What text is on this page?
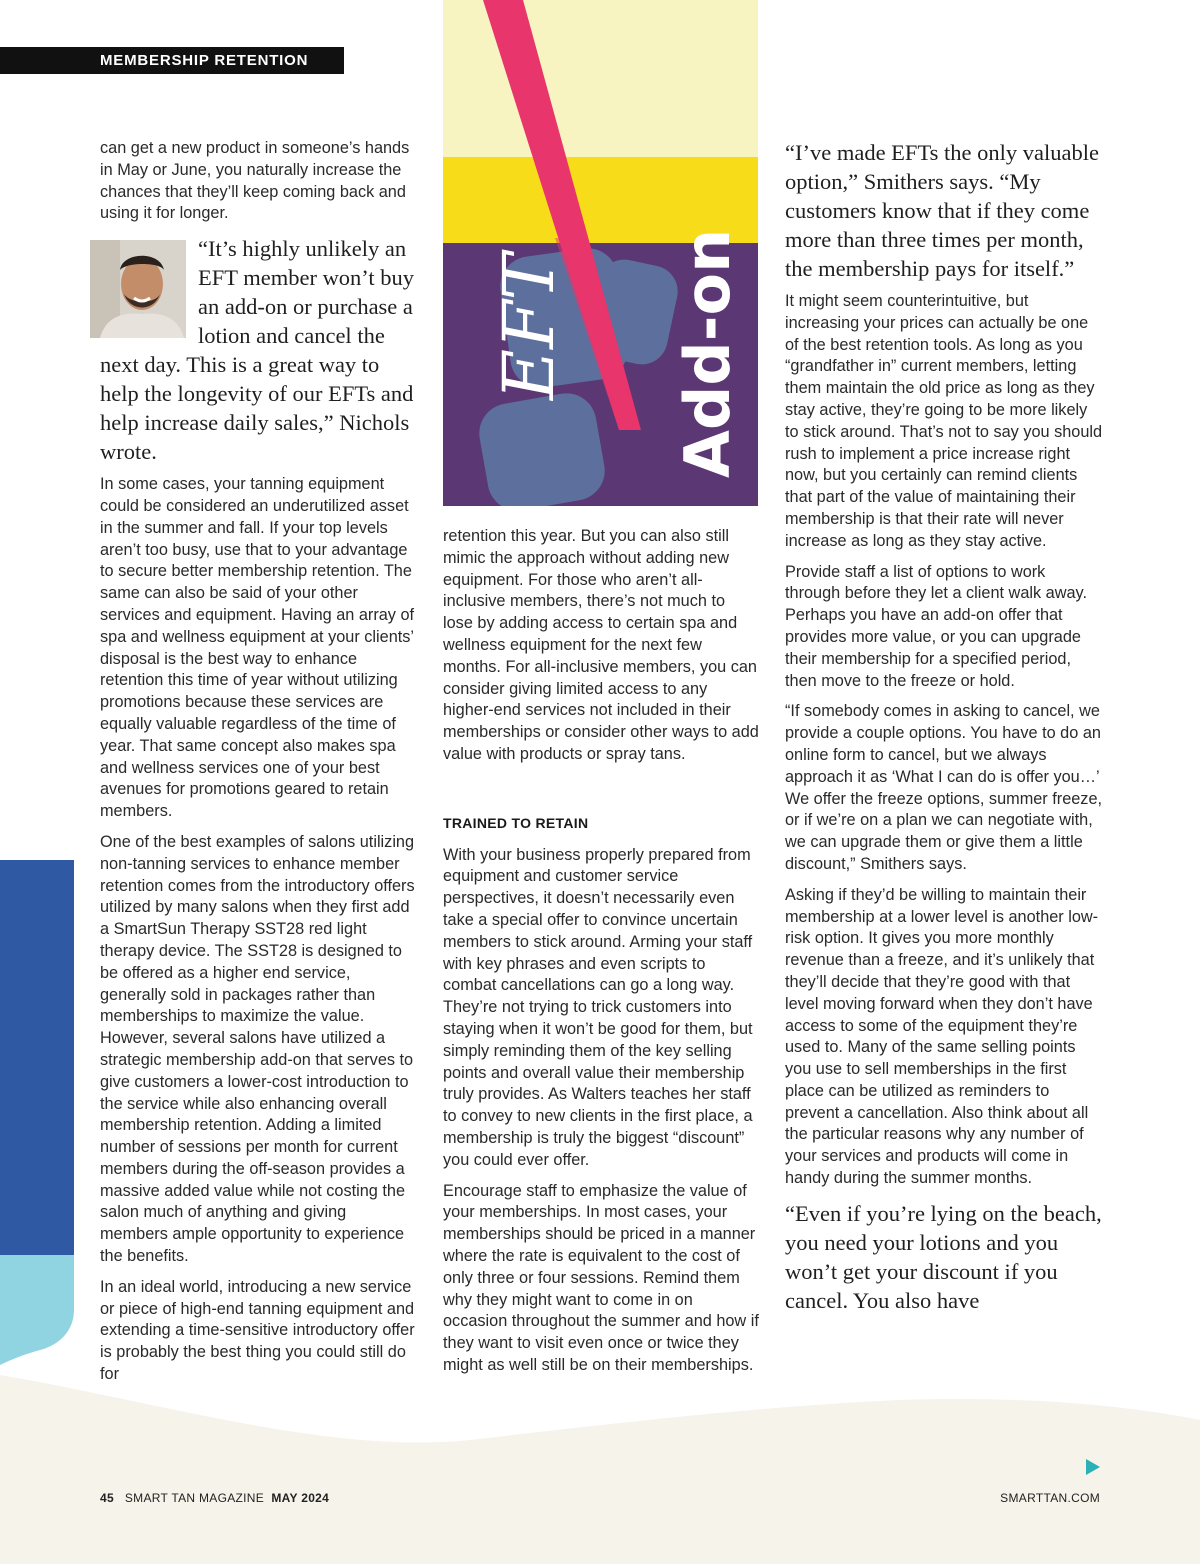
MEMBERSHIP RETENTION
EFT Add-on

can get a new product in someone’s hands in May or June, you naturally increase the chances that they’ll keep coming back and using it for longer.

“It’s highly unlikely an EFT member won’t buy an add-on or purchase a lotion and cancel the next day. This is a great way to help the longevity of our EFTs and help increase daily sales,” Nichols wrote.

In some cases, your tanning equipment could be considered an underutilized asset in the summer and fall. If your top levels aren’t too busy, use that to your advantage to secure better membership retention. The same can also be said of your other services and equipment. Having an array of spa and wellness equipment at your clients’ disposal is the best way to enhance retention this time of year without utilizing promotions because these services are equally valuable regardless of the time of year. That same concept also makes spa and wellness services one of your best avenues for promotions geared to retain members.

One of the best examples of salons utilizing non-tanning services to enhance member retention comes from the introductory offers utilized by many salons when they first add a SmartSun Therapy SST28 red light therapy device. The SST28 is designed to be offered as a higher end service, generally sold in packages rather than memberships to maximize the value. However, several salons have utilized a strategic membership add-on that serves to give customers a lower-cost introduction to the service while also enhancing overall membership retention. Adding a limited number of sessions per month for current members during the off-season provides a massive added value while not costing the salon much of anything and giving members ample opportunity to experience the benefits.

In an ideal world, introducing a new service or piece of high-end tanning equipment and extending a time-sensitive introductory offer is probably the best thing you could still do for

retention this year. But you can also still mimic the approach without adding new equipment. For those who aren’t all-inclusive members, there’s not much to lose by adding access to certain spa and wellness equipment for the next few months. For all-inclusive members, you can consider giving limited access to any higher-end services not included in their memberships or consider other ways to add value with products or spray tans.

TRAINED TO RETAIN

With your business properly prepared from equipment and customer service perspectives, it doesn’t necessarily even take a special offer to convince uncertain members to stick around. Arming your staff with key phrases and even scripts to combat cancellations can go a long way. They’re not trying to trick customers into staying when it won’t be good for them, but simply reminding them of the key selling points and overall value their membership truly provides. As Walters teaches her staff to convey to new clients in the first place, a membership is truly the biggest “discount” you could ever offer.

Encourage staff to emphasize the value of your memberships. In most cases, your memberships should be priced in a manner where the rate is equivalent to the cost of only three or four sessions. Remind them why they might want to come in on occasion throughout the summer and how if they want to visit even once or twice they might as well still be on their memberships.

“I’ve made EFTs the only valuable option,” Smithers says. “My customers know that if they come more than three times per month, the membership pays for itself.”

It might seem counterintuitive, but increasing your prices can actually be one of the best retention tools. As long as you “grandfather in” current members, letting them maintain the old price as long as they stay active, they’re going to be more likely to stick around. That’s not to say you should rush to implement a price increase right now, but you certainly can remind clients that part of the value of maintaining their membership is that their rate will never increase as long as they stay active.

Provide staff a list of options to work through before they let a client walk away. Perhaps you have an add-on offer that provides more value, or you can upgrade their membership for a specified period, then move to the freeze or hold.

“If somebody comes in asking to cancel, we provide a couple options. You have to do an online form to cancel, but we always approach it as ‘What I can do is offer you…’ We offer the freeze options, summer freeze, or if we’re on a plan we can negotiate with, we can upgrade them or give them a little discount,” Smithers says.

Asking if they’d be willing to maintain their membership at a lower level is another low-risk option. It gives you more monthly revenue than a freeze, and it’s unlikely that they’ll decide that they’re good with that level moving forward when they don’t have access to some of the equipment they’re used to. Many of the same selling points you use to sell memberships in the first place can be utilized as reminders to prevent a cancellation. Also think about all the particular reasons why any number of your services and products will come in handy during the summer months.

“Even if you’re lying on the beach, you need your lotions and you won’t get your discount if you cancel. You also have
45 SMART TAN MAGAZINE MAY 2024	SMARTTAN.COM
